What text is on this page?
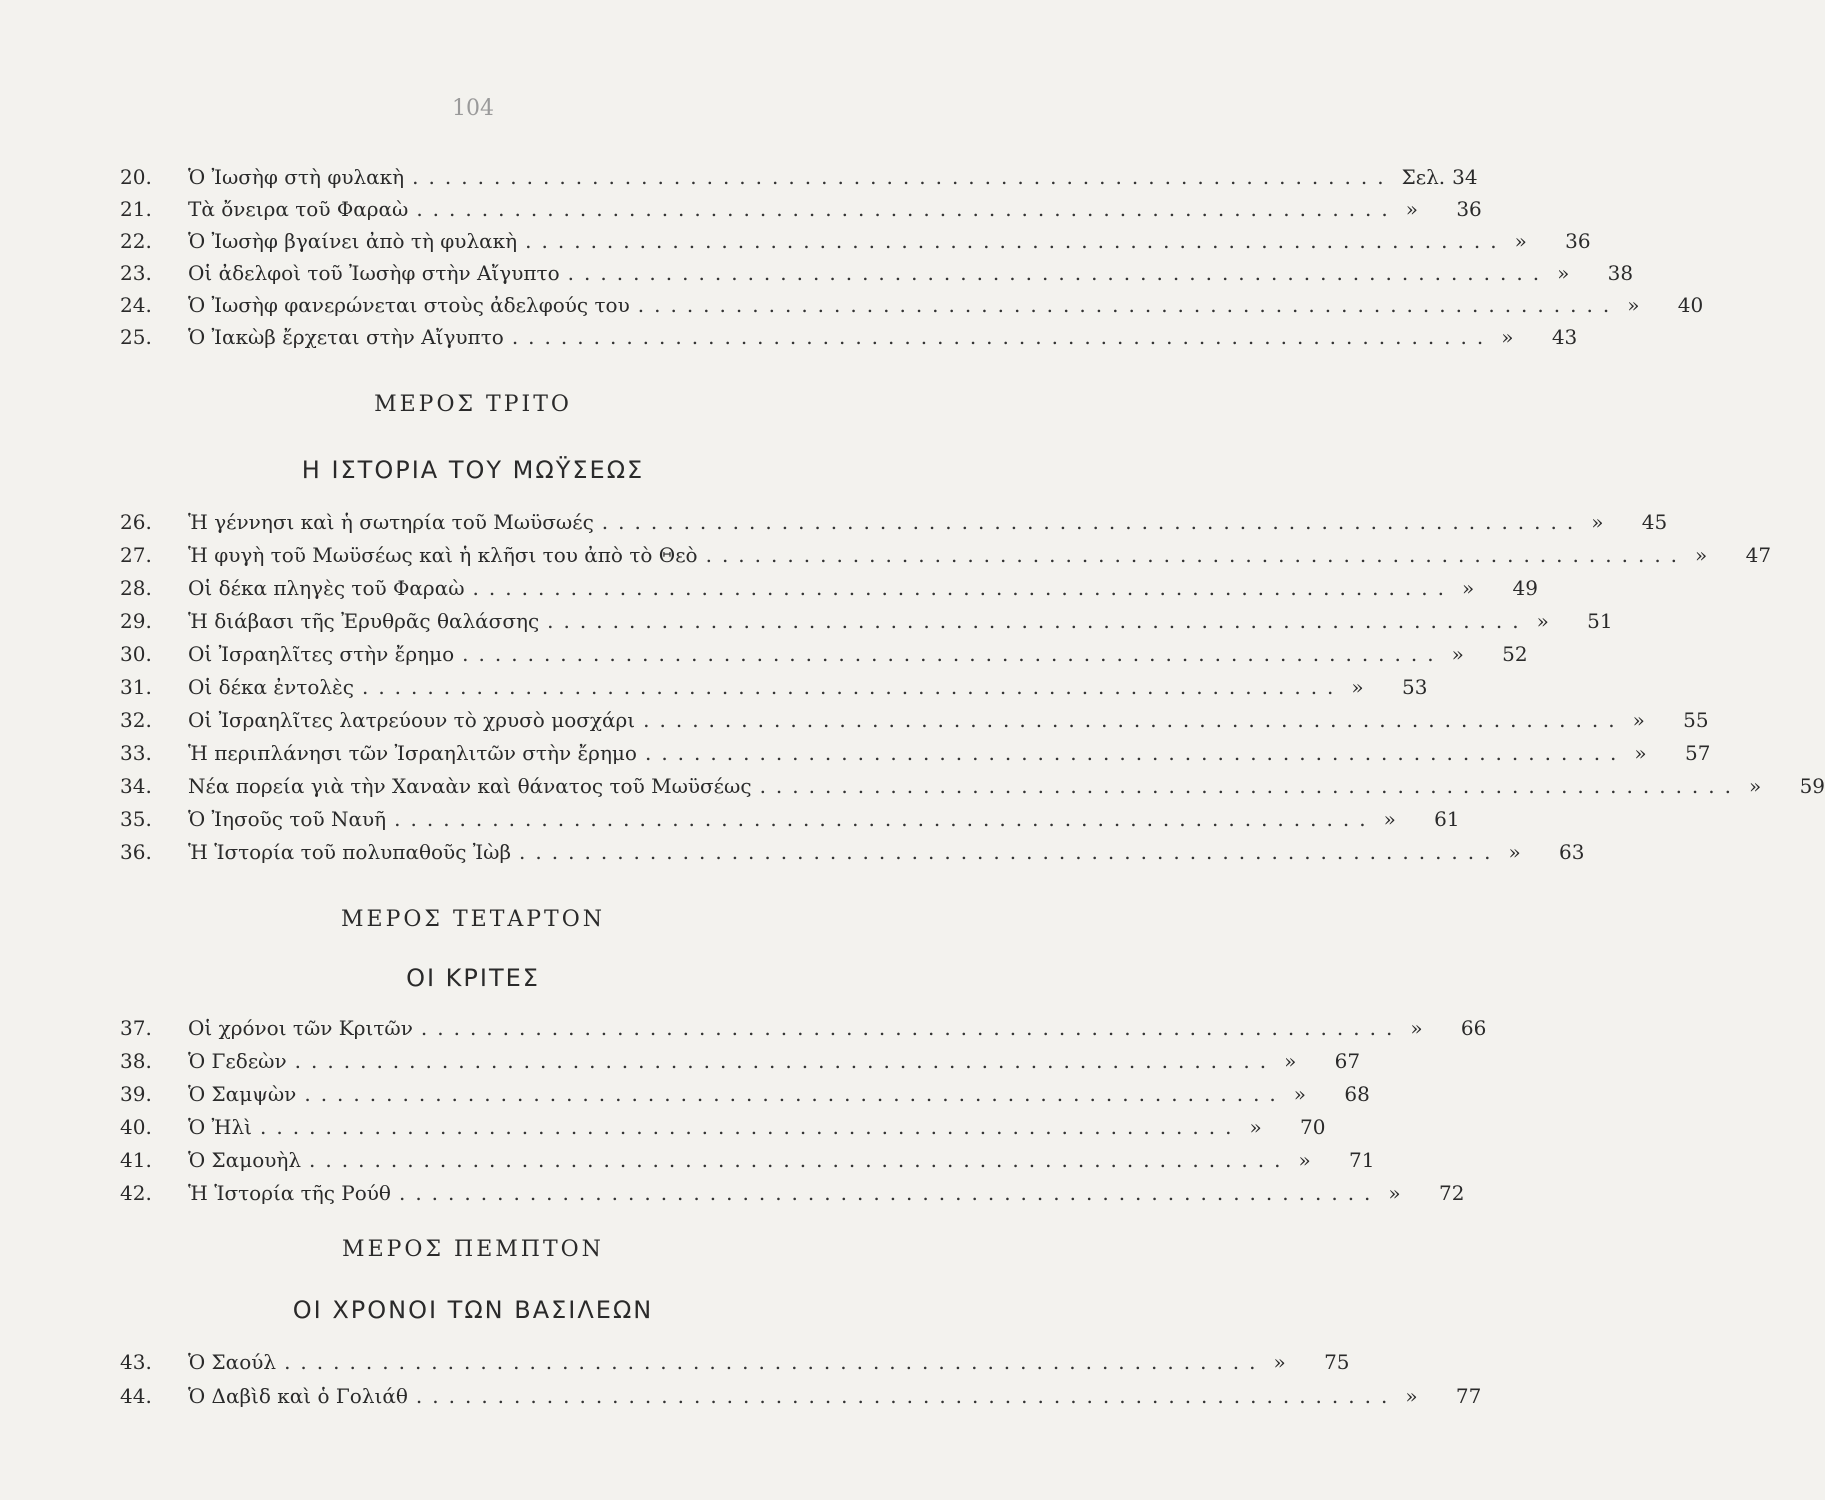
104
20.	Ὁ Ἰωσὴφ στὴ φυλακὴ ............................................................ Σελ. 34
21.	Τὰ ὄνειρα τοῦ Φαραὼ ............................................................ »	36
22.	Ὁ Ἰωσὴφ βγαίνει ἀπὸ τὴ φυλακὴ ............................................................ »	36
23.	Οἱ ἀδελφοὶ τοῦ Ἰωσὴφ στὴν Αἴγυπτο ............................................................ »	38
24.	Ὁ Ἰωσὴφ φανερώνεται στοὺς ἀδελφούς του ............................................................ »	40
25.	Ὁ Ἰακὼβ ἔρχεται στὴν Αἴγυπτο ............................................................ »	43
ΜΕΡΟΣ ΤΡΙΤΟ
Η ΙΣΤΟΡΙΑ ΤΟΥ ΜΩΫΣΕΩΣ
26.	Ἡ γέννησι καὶ ἡ σωτηρία τοῦ Μωϋσωές ............................................................ »	45
27.	Ἡ φυγὴ τοῦ Μωϋσέως καὶ ἡ κλῆσι του ἀπὸ τὸ Θεὸ ............................................................ »	47
28.	Οἱ δέκα πληγὲς τοῦ Φαραὼ ............................................................ »	49
29.	Ἡ διάβασι τῆς Ἐρυθρᾶς θαλάσσης ............................................................ »	51
30.	Οἱ Ἰσραηλῖτες στὴν ἔρημο ............................................................ »	52
31.	Οἱ δέκα ἐντολὲς ............................................................ »	53
32.	Οἱ Ἰσραηλῖτες λατρεύουν τὸ χρυσὸ μοσχάρι ............................................................ »	55
33.	Ἡ περιπλάνησι τῶν Ἰσραηλιτῶν στὴν ἔρημο ............................................................ »	57
34.	Νέα πορεία γιὰ τὴν Χαναὰν καὶ θάνατος τοῦ Μωϋσέως ............................................................ »	59
35.	Ὁ Ἰησοῦς τοῦ Ναυῆ ............................................................ »	61
36.	Ἡ Ἱστορία τοῦ πολυπαθοῦς Ἰὼβ ............................................................ »	63
ΜΕΡΟΣ ΤΕΤΑΡΤΟΝ
ΟΙ ΚΡΙΤΕΣ
37.	Οἱ χρόνοι τῶν Κριτῶν ............................................................ »	66
38.	Ὁ Γεδεὼν ............................................................ »	67
39.	Ὁ Σαμψὼν ............................................................ »	68
40.	Ὁ Ἠλὶ ............................................................ »	70
41.	Ὁ Σαμουὴλ ............................................................ »	71
42.	Ἡ Ἱστορία τῆς Ρούθ ............................................................ »	72
ΜΕΡΟΣ ΠΕΜΠΤΟΝ
ΟΙ ΧΡΟΝΟΙ ΤΩΝ ΒΑΣΙΛΕΩΝ
43.	Ὁ Σαούλ ............................................................ »	75
44.	Ὁ Δαβὶδ καὶ ὁ Γολιάθ ............................................................ »	77
